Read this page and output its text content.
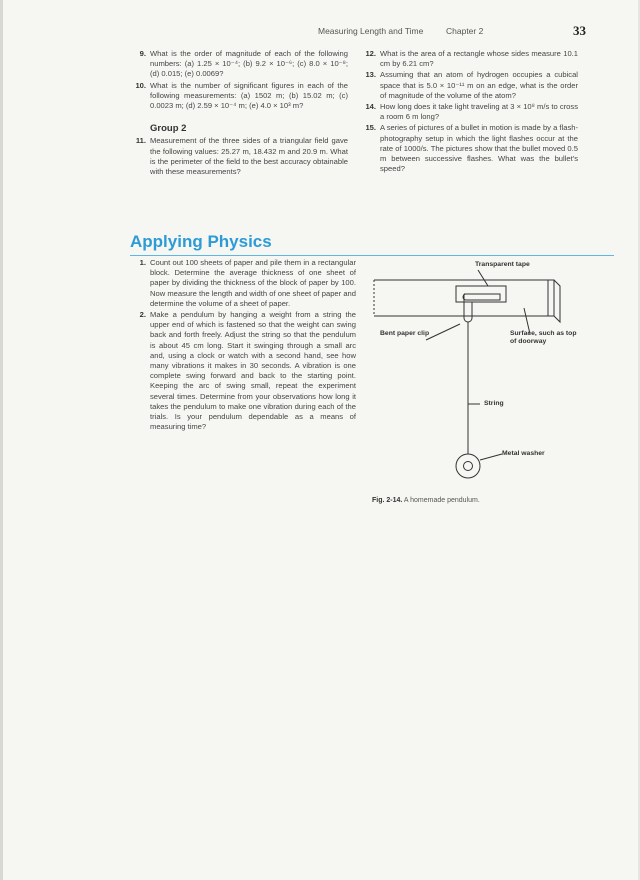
Measuring Length and Time	Chapter 2	33
9. What is the order of magnitude of each of the following numbers: (a) 1.25 × 10⁻⁴; (b) 9.2 × 10⁻⁶; (c) 8.0 × 10⁻⁸; (d) 0.015; (e) 0.0069?
10. What is the number of significant figures in each of the following measurements: (a) 1502 m; (b) 15.02 m; (c) 0.0023 m; (d) 2.59 × 10⁻⁴ m; (e) 4.0 × 10³ m?
Group 2
11. Measurement of the three sides of a triangular field gave the following values: 25.27 m, 18.432 m and 20.9 m. What is the perimeter of the field to the best accuracy obtainable with these measurements?
12. What is the area of a rectangle whose sides measure 10.1 cm by 6.21 cm?
13. Assuming that an atom of hydrogen occupies a cubical space that is 5.0 × 10⁻¹¹ m on an edge, what is the order of magnitude of the volume of the atom?
14. How long does it take light traveling at 3 × 10⁸ m/s to cross a room 6 m long?
15. A series of pictures of a bullet in motion is made by a flash-photography setup in which the light flashes occur at the rate of 1000/s. The pictures show that the bullet moved 0.5 m between successive flashes. What was the bullet's speed?
Applying Physics
1. Count out 100 sheets of paper and pile them in a rectangular block. Determine the average thickness of one sheet of paper by dividing the thickness of the block of paper by 100. Now measure the length and width of one sheet of paper and determine the volume of a sheet of paper.
2. Make a pendulum by hanging a weight from a string the upper end of which is fastened so that the weight can swing back and forth freely. Adjust the string so that the pendulum is about 45 cm long. Start it swinging through a small arc and, using a clock or watch with a second hand, see how many vibrations it makes in 30 seconds. A vibration is one complete swing forward and back to the starting point. Keeping the arc of swing small, repeat the experiment several times. Determine from your observations how long it takes the pendulum to make one vibration during each of the trials. Is your pendulum dependable as a means of measuring time?
Transparent tape
Bent paper clip	Surface, such as top of doorway
String
Metal washer
Fig. 2-14. A homemade pendulum.
